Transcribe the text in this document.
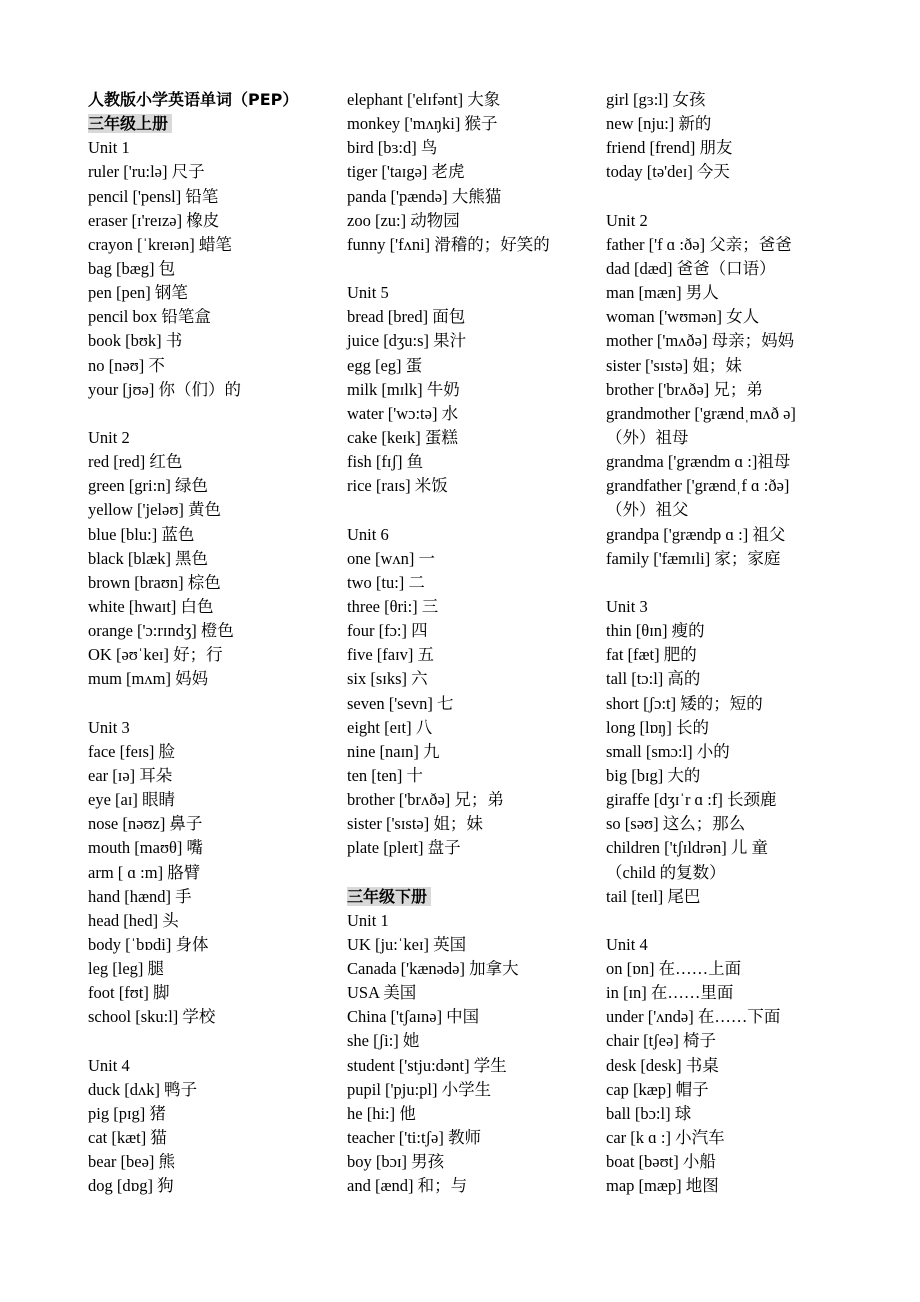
人教版小学英语单词（PEP）
三年级上册
Unit 1
ruler ['ru:lə] 尺子
pencil ['pensl] 铅笔
eraser [ɪ'reɪzə] 橡皮
crayon [ˈkreɪən] 蜡笔
bag [bæg] 包
pen [pen] 钢笔
pencil box 铅笔盒
book [bʊk] 书
no [nəʊ] 不
your [jʊə] 你（们）的
Unit 2
red [red] 红色
green [gri:n] 绿色
yellow ['jeləʊ] 黄色
blue [blu:] 蓝色
black [blæk] 黑色
brown [braʊn] 棕色
white [hwaɪt] 白色
orange ['ɔ:rɪndʒ] 橙色
OK [əʊˈkeɪ] 好；行
mum [mʌm] 妈妈
Unit 3
face [feɪs] 脸
ear [ɪə] 耳朵
eye [aɪ] 眼睛
nose [nəʊz] 鼻子
mouth [maʊθ] 嘴
arm [ ɑ :m] 胳臂
hand [hænd] 手
head [hed] 头
body [ˈbɒdi] 身体
leg [leg] 腿
foot [fʊt] 脚
school [sku:l] 学校
Unit 4
duck [dʌk] 鸭子
pig [pɪg] 猪
cat [kæt] 猫
bear [beə] 熊
dog [dɒg] 狗
elephant ['elɪfənt] 大象
monkey ['mʌŋki] 猴子
bird [bɜ:d] 鸟
tiger ['taɪgə] 老虎
panda ['pændə] 大熊猫
zoo [zu:] 动物园
funny ['fʌni] 滑稽的；好笑的
Unit 5
bread [bred] 面包
juice [dʒu:s] 果汁
egg [eg] 蛋
milk [mɪlk] 牛奶
water ['wɔ:tə] 水
cake [keɪk] 蛋糕
fish [fɪʃ] 鱼
rice [raɪs] 米饭
Unit 6
one [wʌn] 一
two [tu:] 二
three [θri:] 三
four [fɔ:] 四
five [faɪv] 五
six [sɪks] 六
seven ['sevn] 七
eight [eɪt] 八
nine [naɪn] 九
ten [ten] 十
brother ['brʌðə] 兄；弟
sister ['sɪstə] 姐；妹
plate [pleɪt] 盘子
三年级下册
Unit 1
UK [ju:ˈkeɪ] 英国
Canada ['kænədə] 加拿大
USA 美国
China ['tʃaɪnə] 中国
she [ʃi:] 她
student ['stju:dənt] 学生
pupil ['pju:pl] 小学生
he [hi:] 他
teacher ['ti:tʃə] 教师
boy [bɔɪ] 男孩
and [ænd] 和；与
girl [gɜ:l] 女孩
new [nju:] 新的
friend [frend] 朋友
today [tə'deɪ] 今天
Unit 2
father ['f ɑ :ðə] 父亲；爸爸
dad [dæd] 爸爸（口语）
man [mæn] 男人
woman ['wʊmən] 女人
mother ['mʌðə] 母亲；妈妈
sister ['sɪstə] 姐；妹
brother ['brʌðə] 兄；弟
grandmother ['grændˌmʌð ə]
（外）祖母
grandma ['grændm ɑ :]祖母
grandfather ['grændˌf ɑ :ðə]
（外）祖父
grandpa ['grændp ɑ :] 祖父
family ['fæmɪli] 家；家庭
Unit 3
thin [θɪn] 瘦的
fat [fæt] 肥的
tall [tɔ:l] 高的
short [ʃɔ:t] 矮的；短的
long [lɒŋ] 长的
small [smɔ:l] 小的
big [bɪg] 大的
giraffe [dʒɪˈr ɑ :f] 长颈鹿
so [səʊ] 这么；那么
children ['tʃɪldrən] 儿 童
（child 的复数）
tail [teɪl] 尾巴
Unit 4
on [ɒn] 在……上面
in [ɪn] 在……里面
under ['ʌndə] 在……下面
chair [tʃeə] 椅子
desk [desk] 书桌
cap [kæp] 帽子
ball [bɔ:l] 球
car [k ɑ :] 小汽车
boat [bəʊt] 小船
map [mæp] 地图
